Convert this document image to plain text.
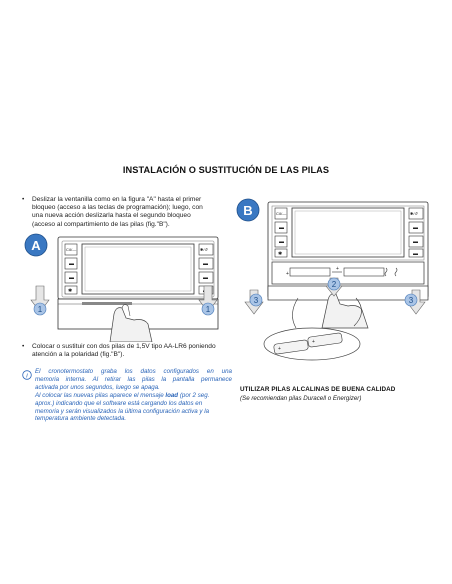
INSTALACIÓN O SUSTITUCIÓN DE LAS PILAS
• Deslizar la ventanilla como en la figura "A" hasta el primer
bloqueo (acceso a las teclas de programación); luego, con
una nueva acción deslizarla hasta el segundo bloqueo
(acceso al compartimiento de las pilas (fig."B").
Ciⅈ/—
▬
▬
✱
✱/↺
▬
▬
A
1	1
• Colocar o sustituir con dos pilas de 1,5V tipo AA-LR6 poniendo
atención a la polaridad (fig."B").
i
El cronotermostato graba los datos configurados en una
memoria interna. Al retirar las pilas la pantalla permanece
activada por unos segundos, luego se apaga.
Al colocar las nuevas pilas aparece el mensaje load (por 2 seg.
aprox.) indicando que el software está cargando los datos en
memoria y serán visualizados la última configuración activa y la
temperatura ambiente detectada.
B	Ciⅈ/—
▬
▬
✱
✱/↺
▬
▬
▬
+
+
3	3
2
+
+
UTILIZAR PILAS ALCALINAS DE BUENA CALIDAD
(Se recomiendan pilas Duracell o Energizer)
